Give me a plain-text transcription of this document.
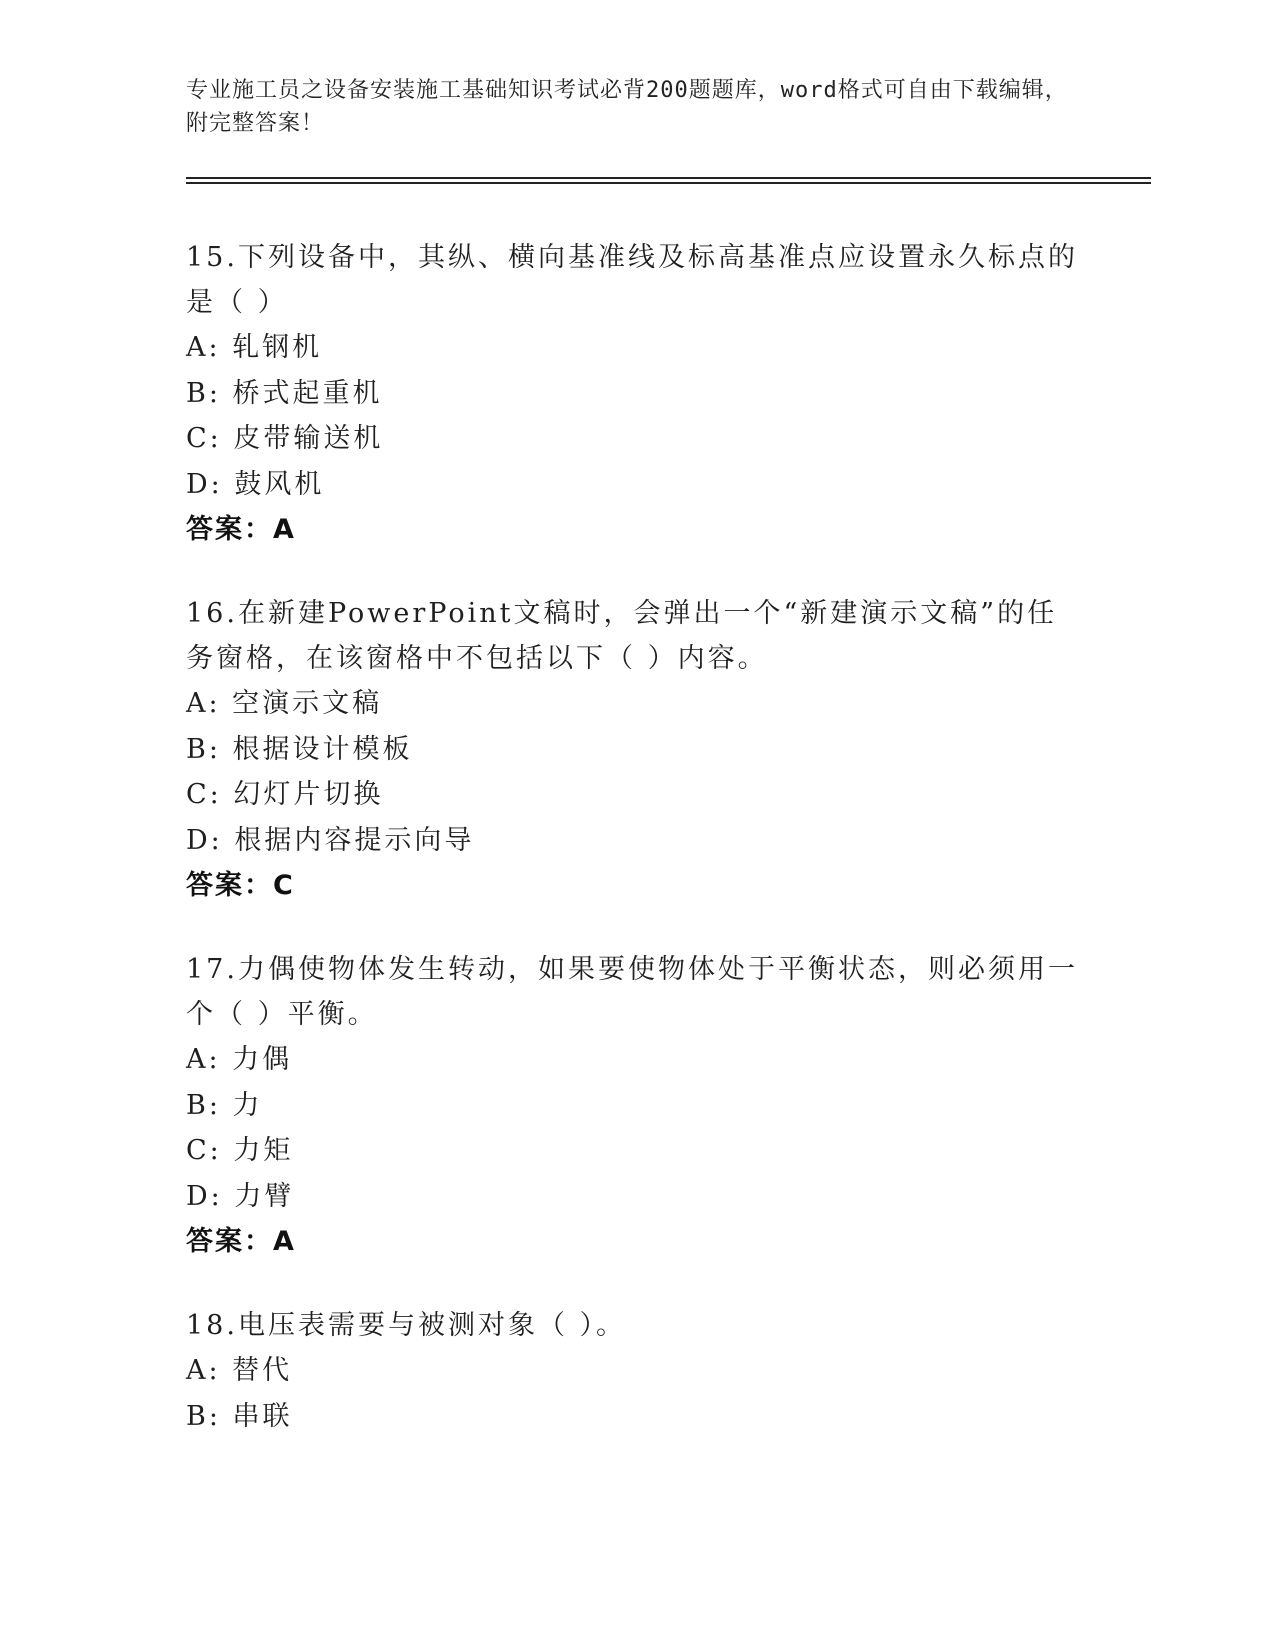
专业施工员之设备安装施工基础知识考试必背200题题库，word格式可自由下载编辑，附完整答案！
15.下列设备中，其纵、横向基准线及标高基准点应设置永久标点的是（ ）
A: 轧钢机
B: 桥式起重机
C: 皮带输送机
D: 鼓风机
答案：A
16.在新建PowerPoint文稿时，会弹出一个“新建演示文稿”的任务窗格，在该窗格中不包括以下（ ）内容。
A: 空演示文稿
B: 根据设计模板
C: 幻灯片切换
D: 根据内容提示向导
答案：C
17.力偶使物体发生转动，如果要使物体处于平衡状态，则必须用一个（ ）平衡。
A: 力偶
B: 力
C: 力矩
D: 力臂
答案：A
18.电压表需要与被测对象（ ）。
A: 替代
B: 串联
